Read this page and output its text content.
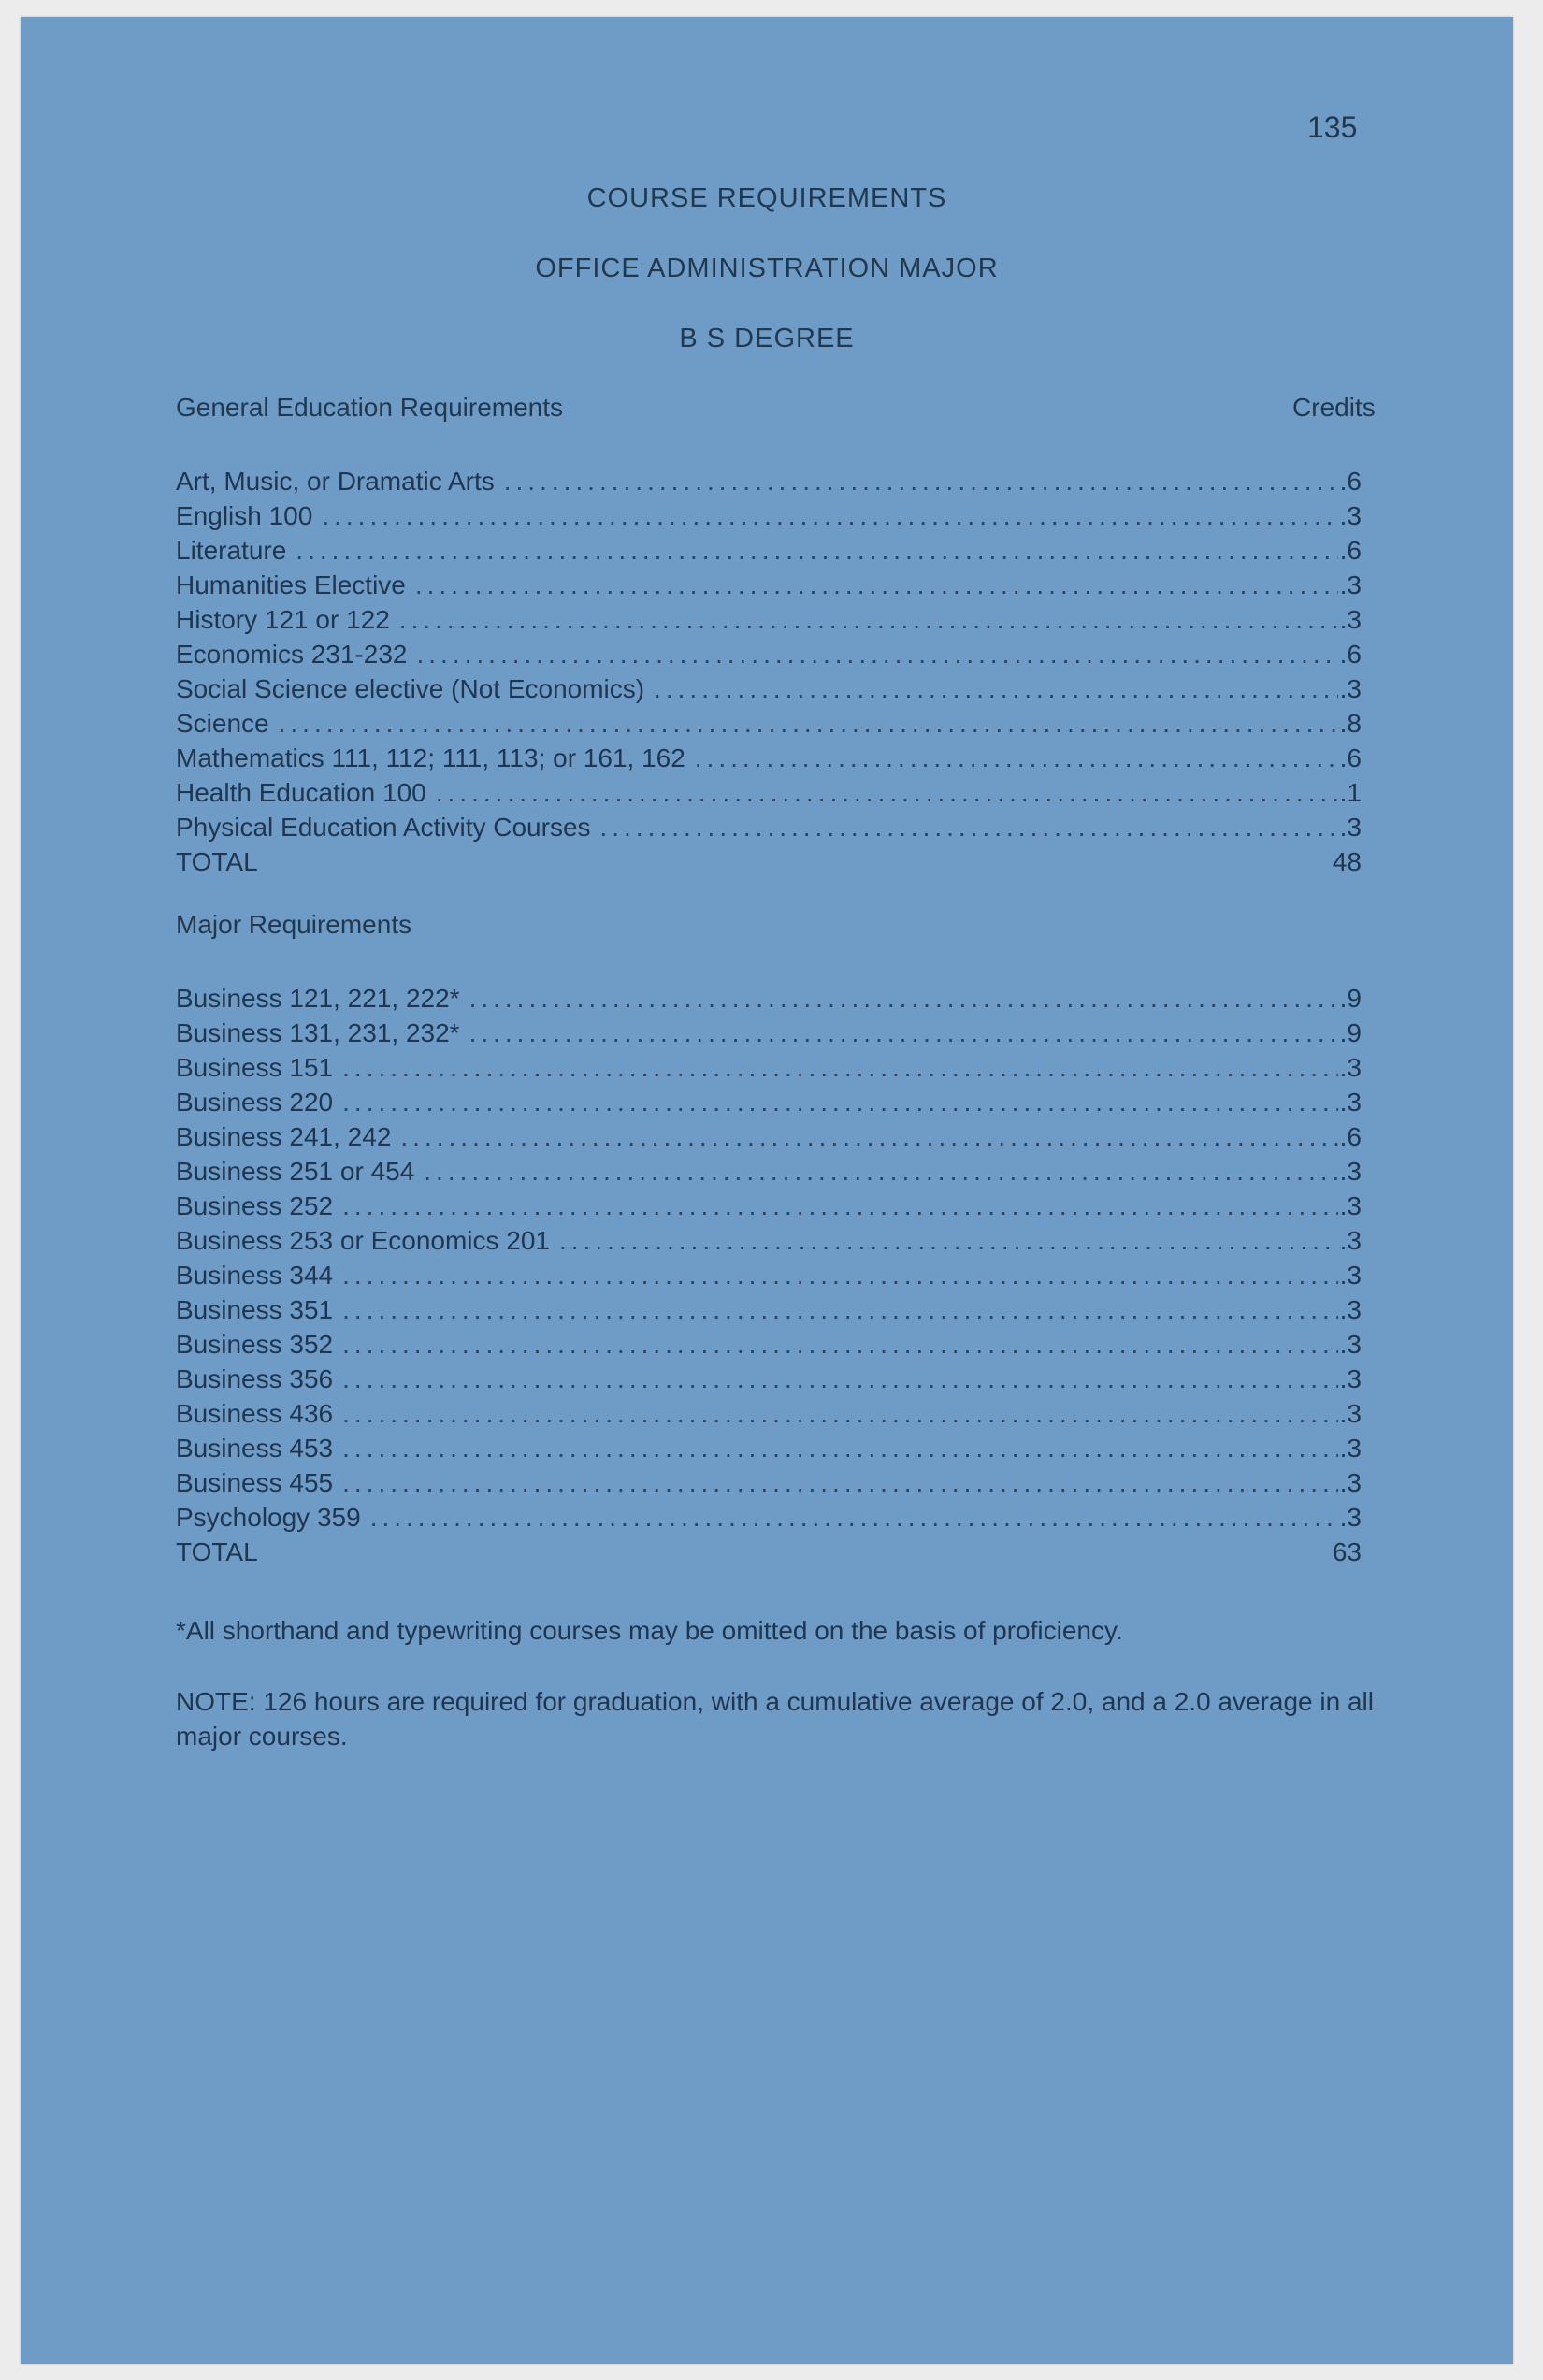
135
COURSE REQUIREMENTS
OFFICE ADMINISTRATION MAJOR
B S DEGREE
General Education Requirements	Credits
Art, Music, or Dramatic Arts .....	.6
English 100 .....	.3
Literature .....	.6
Humanities Elective .....	.3
History 121 or 122 .....	.3
Economics 231-232 .....	.6
Social Science elective (Not Economics) .....	.3
Science .....	.8
Mathematics 111, 112; 111, 113; or 161, 162 .....	.6
Health Education 100 .....	.1
Physical Education Activity Courses .....	.3
TOTAL	48
Major Requirements
Business 121, 221, 222* .....	.9
Business 131, 231, 232* .....	.9
Business 151 .....	.3
Business 220 .....	.3
Business 241, 242 .....	.6
Business 251 or 454 .....	.3
Business 252 .....	.3
Business 253 or Economics 201 .....	.3
Business 344 .....	.3
Business 351 .....	.3
Business 352 .....	.3
Business 356 .....	.3
Business 436 .....	.3
Business 453 .....	.3
Business 455 .....	.3
Psychology 359 .....	.3
TOTAL	63
*All shorthand and typewriting courses may be omitted on the basis of proficiency.
NOTE: 126 hours are required for graduation, with a cumulative average of 2.0, and a 2.0 average in all major courses.
